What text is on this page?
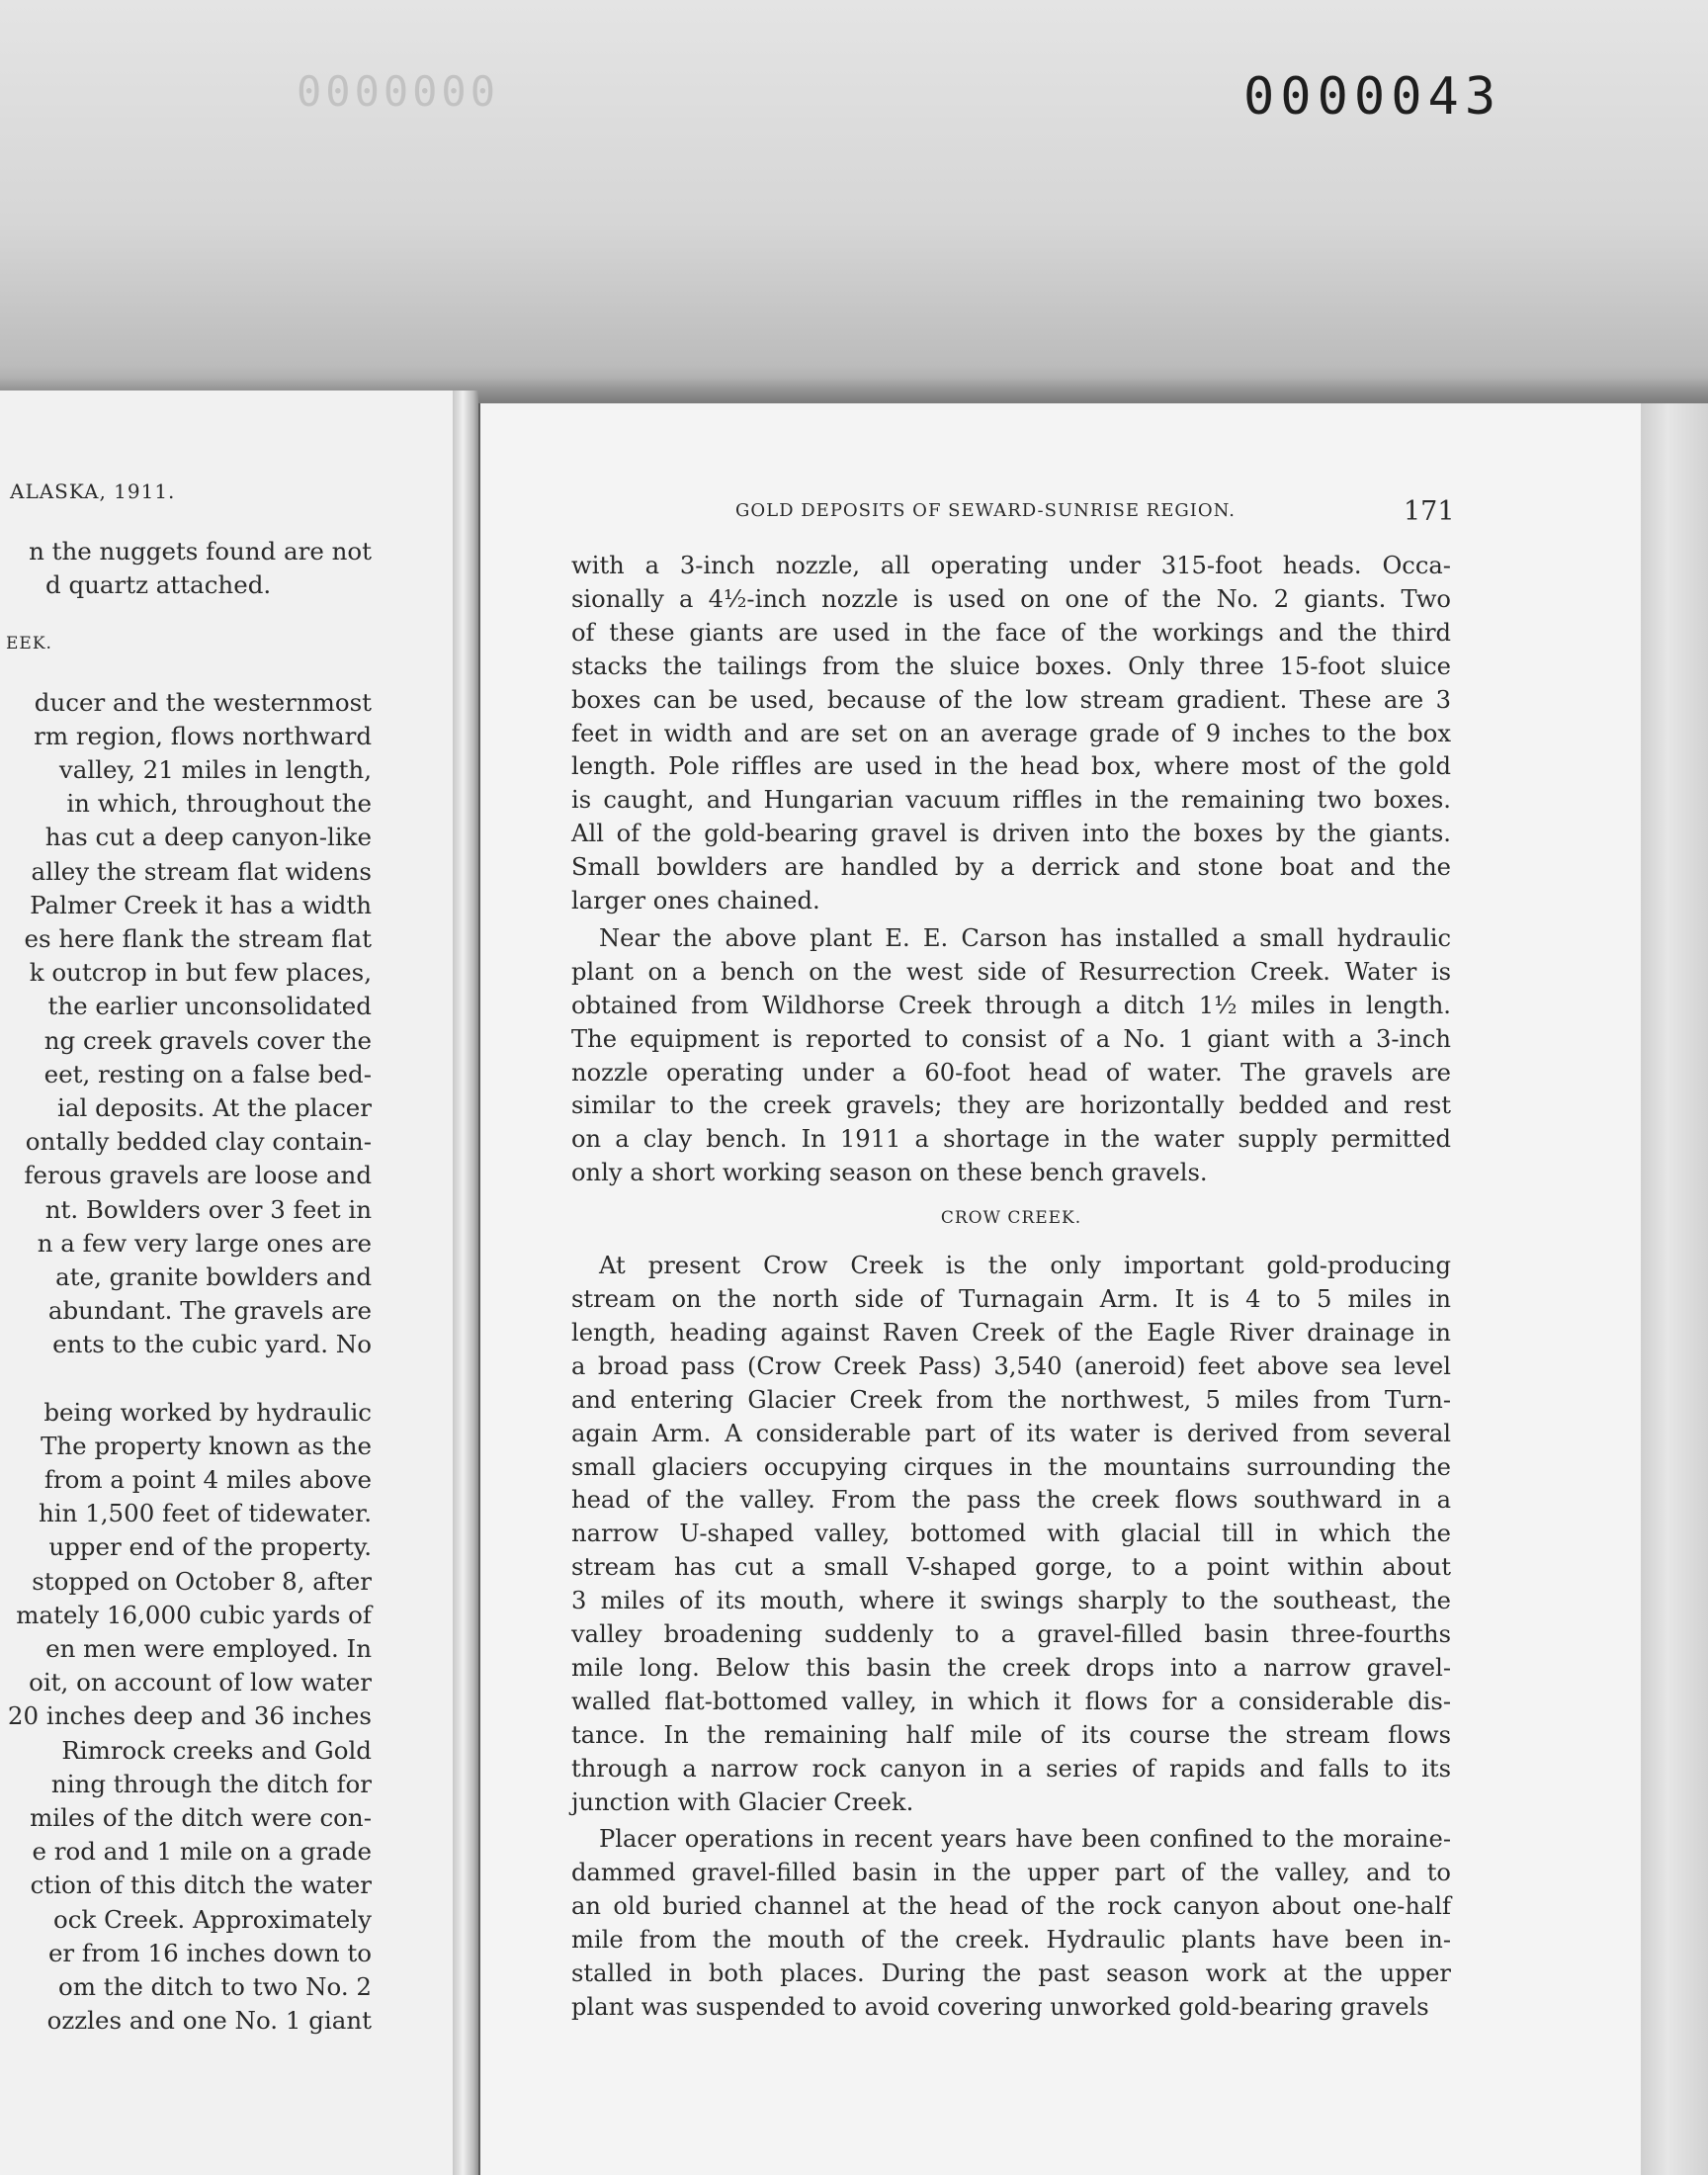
0000000	0000043
ALASKA, 1911.
n the nuggets found are not
d quartz attached.
EEK.
ducer and the westernmost
rm region, flows northward
valley, 21 miles in length,
in which, throughout the
has cut a deep canyon-like
alley the stream flat widens
Palmer Creek it has a width
es here flank the stream flat
k outcrop in but few places,
the earlier unconsolidated
ng creek gravels cover the
eet, resting on a false bed-
ial deposits. At the placer
ontally bedded clay contain-
ferous gravels are loose and
nt. Bowlders over 3 feet in
n a few very large ones are
ate, granite bowlders and
abundant. The gravels are
ents to the cubic yard. No
being worked by hydraulic
The property known as the
from a point 4 miles above
hin 1,500 feet of tidewater.
upper end of the property.
stopped on October 8, after
mately 16,000 cubic yards of
en men were employed. In
oit, on account of low water
20 inches deep and 36 inches
Rimrock creeks and Gold
ning through the ditch for
miles of the ditch were con-
e rod and 1 mile on a grade
ction of this ditch the water
ock Creek. Approximately
er from 16 inches down to
om the ditch to two No. 2
ozzles and one No. 1 giant
GOLD DEPOSITS OF SEWARD-SUNRISE REGION.	171
with a 3-inch nozzle, all operating under 315-foot heads. Occa-
sionally a 4½-inch nozzle is used on one of the No. 2 giants. Two
of these giants are used in the face of the workings and the third
stacks the tailings from the sluice boxes. Only three 15-foot sluice
boxes can be used, because of the low stream gradient. These are 3
feet in width and are set on an average grade of 9 inches to the box
length. Pole riffles are used in the head box, where most of the gold
is caught, and Hungarian vacuum riffles in the remaining two boxes.
All of the gold-bearing gravel is driven into the boxes by the giants.
Small bowlders are handled by a derrick and stone boat and the
larger ones chained.
Near the above plant E. E. Carson has installed a small hydraulic
plant on a bench on the west side of Resurrection Creek. Water is
obtained from Wildhorse Creek through a ditch 1½ miles in length.
The equipment is reported to consist of a No. 1 giant with a 3-inch
nozzle operating under a 60-foot head of water. The gravels are
similar to the creek gravels; they are horizontally bedded and rest
on a clay bench. In 1911 a shortage in the water supply permitted
only a short working season on these bench gravels.
CROW CREEK.
At present Crow Creek is the only important gold-producing
stream on the north side of Turnagain Arm. It is 4 to 5 miles in
length, heading against Raven Creek of the Eagle River drainage in
a broad pass (Crow Creek Pass) 3,540 (aneroid) feet above sea level
and entering Glacier Creek from the northwest, 5 miles from Turn-
again Arm. A considerable part of its water is derived from several
small glaciers occupying cirques in the mountains surrounding the
head of the valley. From the pass the creek flows southward in a
narrow U-shaped valley, bottomed with glacial till in which the
stream has cut a small V-shaped gorge, to a point within about
3 miles of its mouth, where it swings sharply to the southeast, the
valley broadening suddenly to a gravel-filled basin three-fourths
mile long. Below this basin the creek drops into a narrow gravel-
walled flat-bottomed valley, in which it flows for a considerable dis-
tance. In the remaining half mile of its course the stream flows
through a narrow rock canyon in a series of rapids and falls to its
junction with Glacier Creek.
Placer operations in recent years have been confined to the moraine-
dammed gravel-filled basin in the upper part of the valley, and to
an old buried channel at the head of the rock canyon about one-half
mile from the mouth of the creek. Hydraulic plants have been in-
stalled in both places. During the past season work at the upper
plant was suspended to avoid covering unworked gold-bearing gravels
